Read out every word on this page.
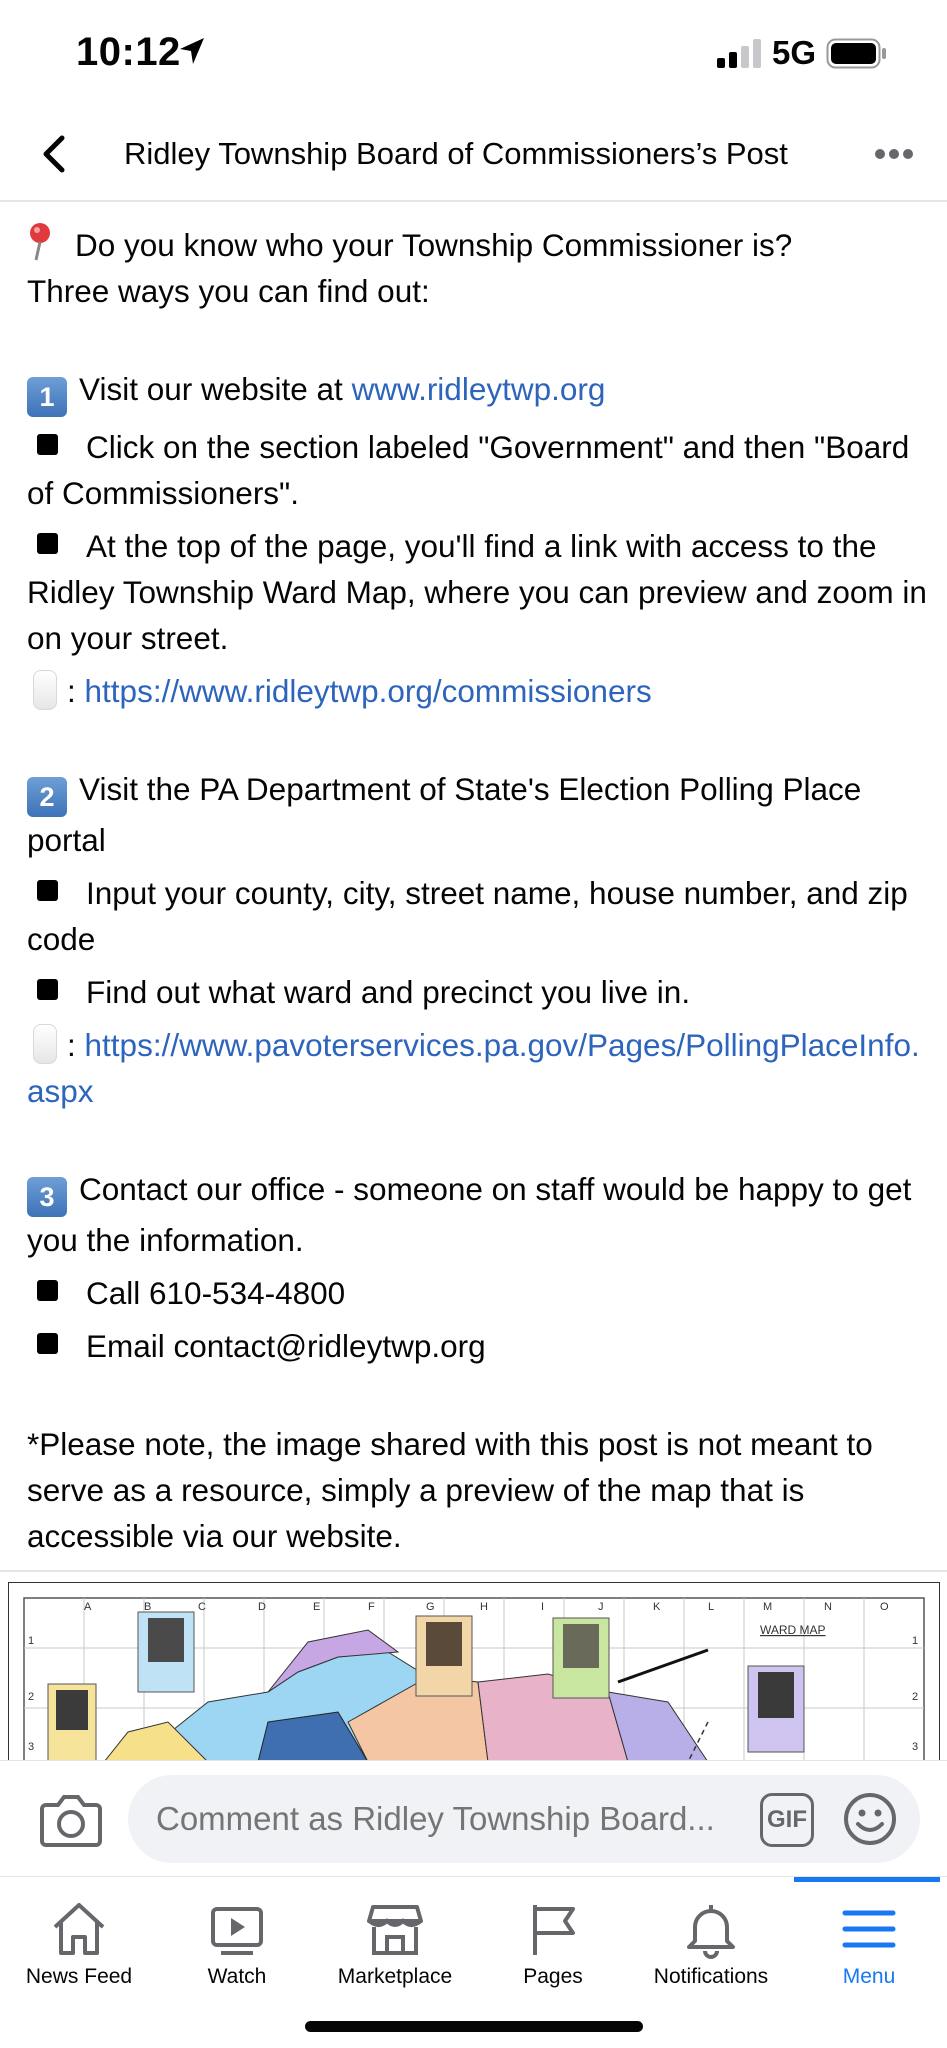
10:12	5G
Ridley Township Board of Commissioners’s Post

Do you know who your Township Commissioner is?

Three ways you can find out:

1 Visit our website at www.ridleytwp.org

Click on the section labeled "Government" and then "Board of Commissioners".

At the top of the page, you'll find a link with access to the Ridley Township Ward Map, where you can preview and zoom in on your street.

: https://www.ridleytwp.org/commissioners

2 Visit the PA Department of State's Election Polling Place portal

Input your county, city, street name, house number, and zip code

Find out what ward and precinct you live in.

: https://www.pavoterservices.pa.gov/Pages/PollingPlaceInfo.aspx

3 Contact our office - someone on staff would be happy to get you the information.

Call 610-534-4800

Email contact@ridleytwp.org

*Please note, the image shared with this post is not meant to serve as a resource, simply a preview of the map that is accessible via our website.

A	B	C	D	E	F	G	H	I	J	K	L	M	N	O
1
2
3
1
2
3
WARD MAP
Comment as Ridley Township Board...
GIF
News Feed	Watch	Marketplace	Pages	Notifications	Menu
